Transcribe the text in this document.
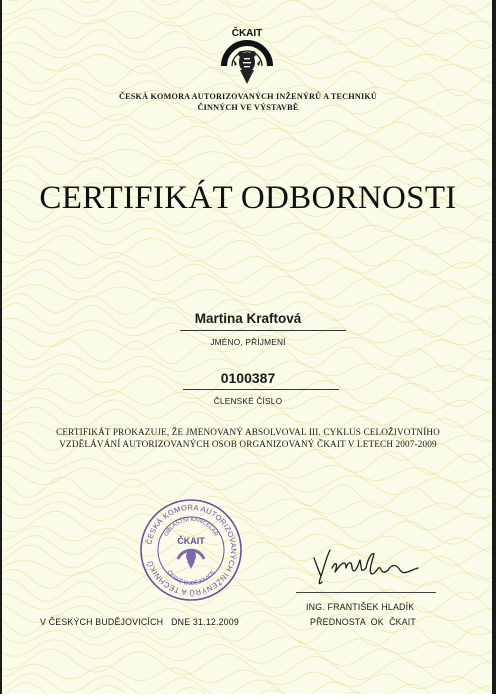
ČKAIT
ČESKÁ KOMORA AUTORIZOVANÝCH INŽENÝRŮ A TECHNIKŮ
ČINNÝCH VE VÝSTAVBĚ
CERTIFIKÁT ODBORNOSTI
Martina Kraftová
JMÉNO, PŘÍJMENÍ
0100387
ČLENSKÉ ČÍSLO
CERTIFIKÁT PROKAZUJE, ŽE JMENOVANÝ ABSOLVOVAL III. CYKLUS CELOŽIVOTNÍHO
VZDĚLÁVÁNÍ AUTORIZOVANÝCH OSOB ORGANIZOVANÝ ČKAIT V LETECH 2007-2009
ČESKÁ KOMORA AUTORIZOVANÝCH INŽENÝRŮ A TECHNIKŮ
OBLASTNÍ KANCELÁŘ
ČKAIT
ČESKÉ BUDĚJOVICE
V ČESKÝCH BUDĚJOVICÍCH   DNE 31.12.2009
ING. FRANTIŠEK HLADÍK
PŘEDNOSTA  OK  ČKAIT
